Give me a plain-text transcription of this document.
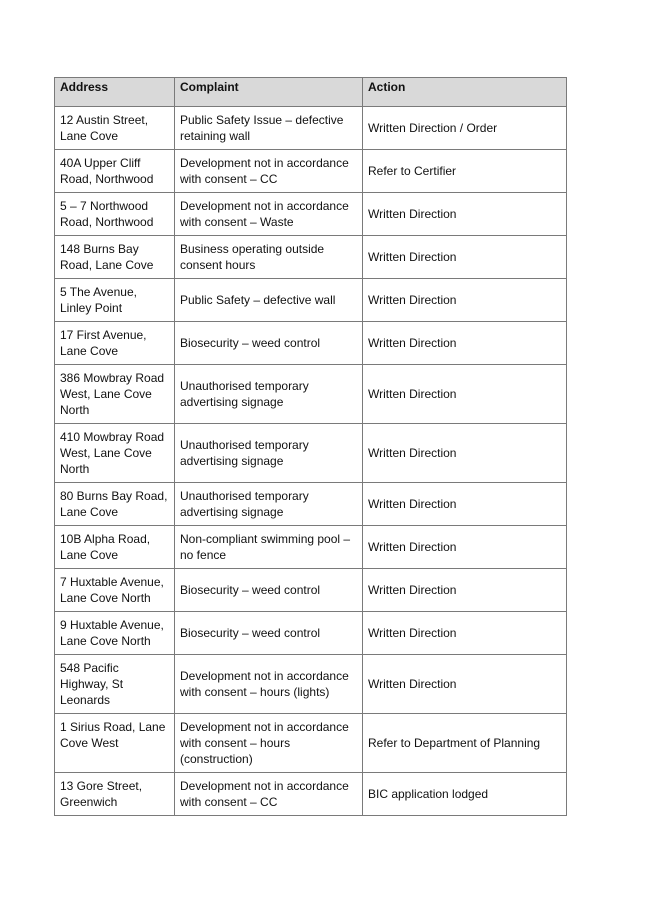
Address	Complaint	Action
12 Austin Street, Lane Cove	Public Safety Issue – defective retaining wall	Written Direction / Order
40A Upper Cliff Road, Northwood	Development not in accordance with consent – CC	Refer to Certifier
5 – 7 Northwood Road, Northwood	Development not in accordance with consent – Waste	Written Direction
148 Burns Bay Road, Lane Cove	Business operating outside consent hours	Written Direction
5 The Avenue, Linley Point	Public Safety – defective wall	Written Direction
17 First Avenue, Lane Cove	Biosecurity – weed control	Written Direction
386 Mowbray Road West, Lane Cove North	Unauthorised temporary advertising signage	Written Direction
410 Mowbray Road West, Lane Cove North	Unauthorised temporary advertising signage	Written Direction
80 Burns Bay Road, Lane Cove	Unauthorised temporary advertising signage	Written Direction
10B Alpha Road, Lane Cove	Non-compliant swimming pool – no fence	Written Direction
7 Huxtable Avenue, Lane Cove North	Biosecurity – weed control	Written Direction
9 Huxtable Avenue, Lane Cove North	Biosecurity – weed control	Written Direction
548 Pacific Highway, St Leonards	Development not in accordance with consent – hours (lights)	Written Direction
1 Sirius Road, Lane Cove West	Development not in accordance with consent – hours (construction)	Refer to Department of Planning
13 Gore Street, Greenwich	Development not in accordance with consent – CC	BIC application lodged
